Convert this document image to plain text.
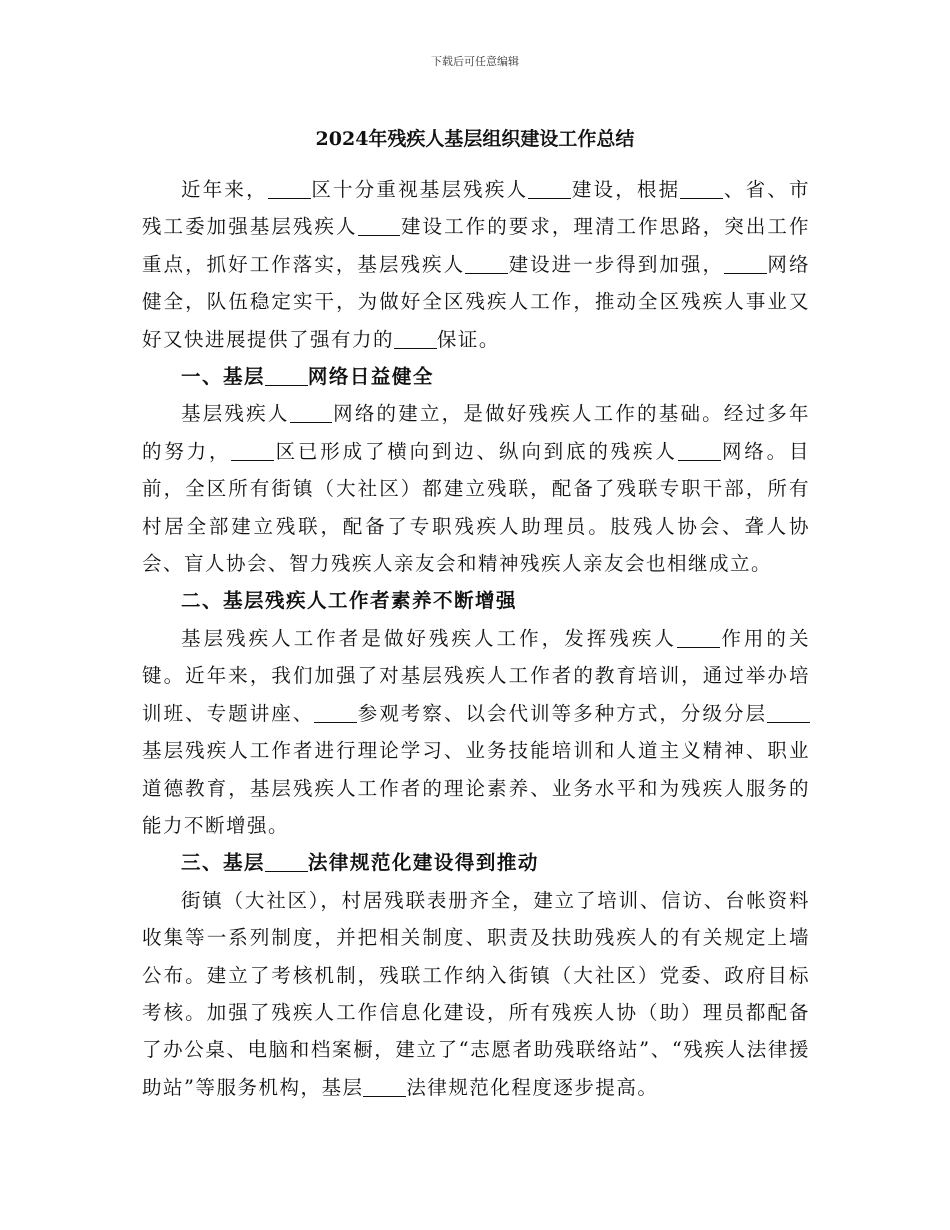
下载后可任意编辑
2024年残疾人基层组织建设工作总结

近年来， 区十分重视基层残疾人 建设，根据 、省、市残工委加强基层残疾人 建设工作的要求，理清工作思路，突出工作重点，抓好工作落实，基层残疾人 建设进一步得到加强， 网络健全，队伍稳定实干，为做好全区残疾人工作，推动全区残疾人事业又好又快进展提供了强有力的 保证。

一、基层 网络日益健全

基层残疾人 网络的建立，是做好残疾人工作的基础。经过多年的努力， 区已形成了横向到边、纵向到底的残疾人 网络。目前，全区所有街镇（大社区）都建立残联，配备了残联专职干部，所有村居全部建立残联，配备了专职残疾人助理员。肢残人协会、聋人协会、盲人协会、智力残疾人亲友会和精神残疾人亲友会也相继成立。

二、基层残疾人工作者素养不断增强

基层残疾人工作者是做好残疾人工作，发挥残疾人 作用的关键。近年来，我们加强了对基层残疾人工作者的教育培训，通过举办培训班、专题讲座、 参观考察、以会代训等多种方式，分级分层基层残疾人工作者进行理论学习、业务技能培训和人道主义精神、职业道德教育，基层残疾人工作者的理论素养、业务水平和为残疾人服务的能力不断增强。

三、基层 法律规范化建设得到推动

街镇（大社区），村居残联表册齐全，建立了培训、信访、台帐资料收集等一系列制度，并把相关制度、职责及扶助残疾人的有关规定上墙公布。建立了考核机制，残联工作纳入街镇（大社区）党委、政府目标考核。加强了残疾人工作信息化建设，所有残疾人协（助）理员都配备了办公桌、电脑和档案橱，建立了“志愿者助残联络站”、“残疾人法律援助站”等服务机构，基层 法律规范化程度逐步提高。
